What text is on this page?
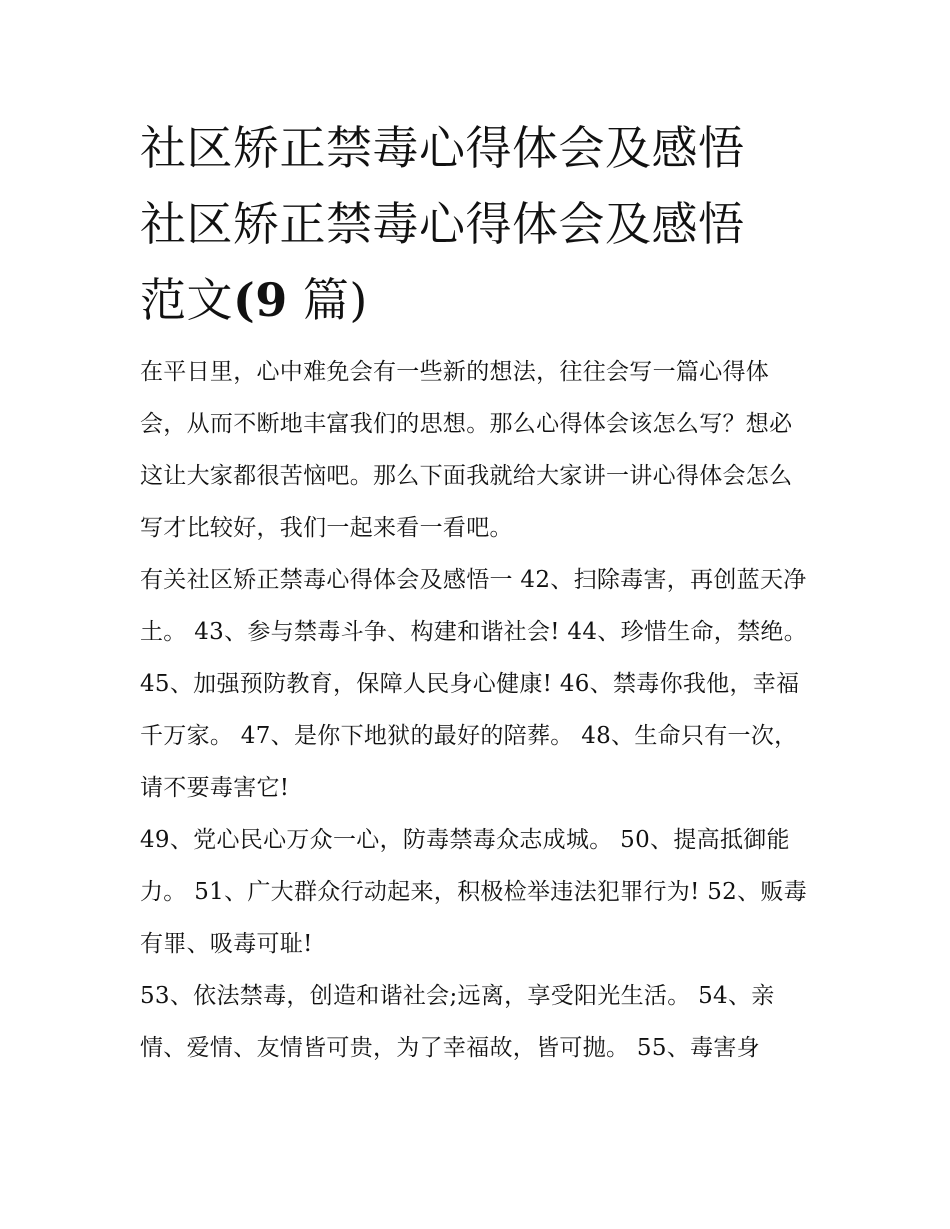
社区矫正禁毒心得体会及感悟
社区矫正禁毒心得体会及感悟
范文(9 篇)

在平日里，心中难免会有一些新的想法，往往会写一篇心得体会，从而不断地丰富我们的思想。那么心得体会该怎么写？想必这让大家都很苦恼吧。那么下面我就给大家讲一讲心得体会怎么写才比较好，我们一起来看一看吧。

有关社区矫正禁毒心得体会及感悟一 42、扫除毒害，再创蓝天净土。 43、参与禁毒斗争、构建和谐社会! 44、珍惜生命，禁绝。

45、加强预防教育，保障人民身心健康! 46、禁毒你我他，幸福千万家。 47、是你下地狱的最好的陪葬。 48、生命只有一次，请不要毒害它!

49、党心民心万众一心，防毒禁毒众志成城。 50、提高抵御能力。 51、广大群众行动起来，积极检举违法犯罪行为! 52、贩毒有罪、吸毒可耻!

53、依法禁毒，创造和谐社会;远离，享受阳光生活。 54、亲情、爱情、友情皆可贵，为了幸福故，皆可抛。 55、毒害身
